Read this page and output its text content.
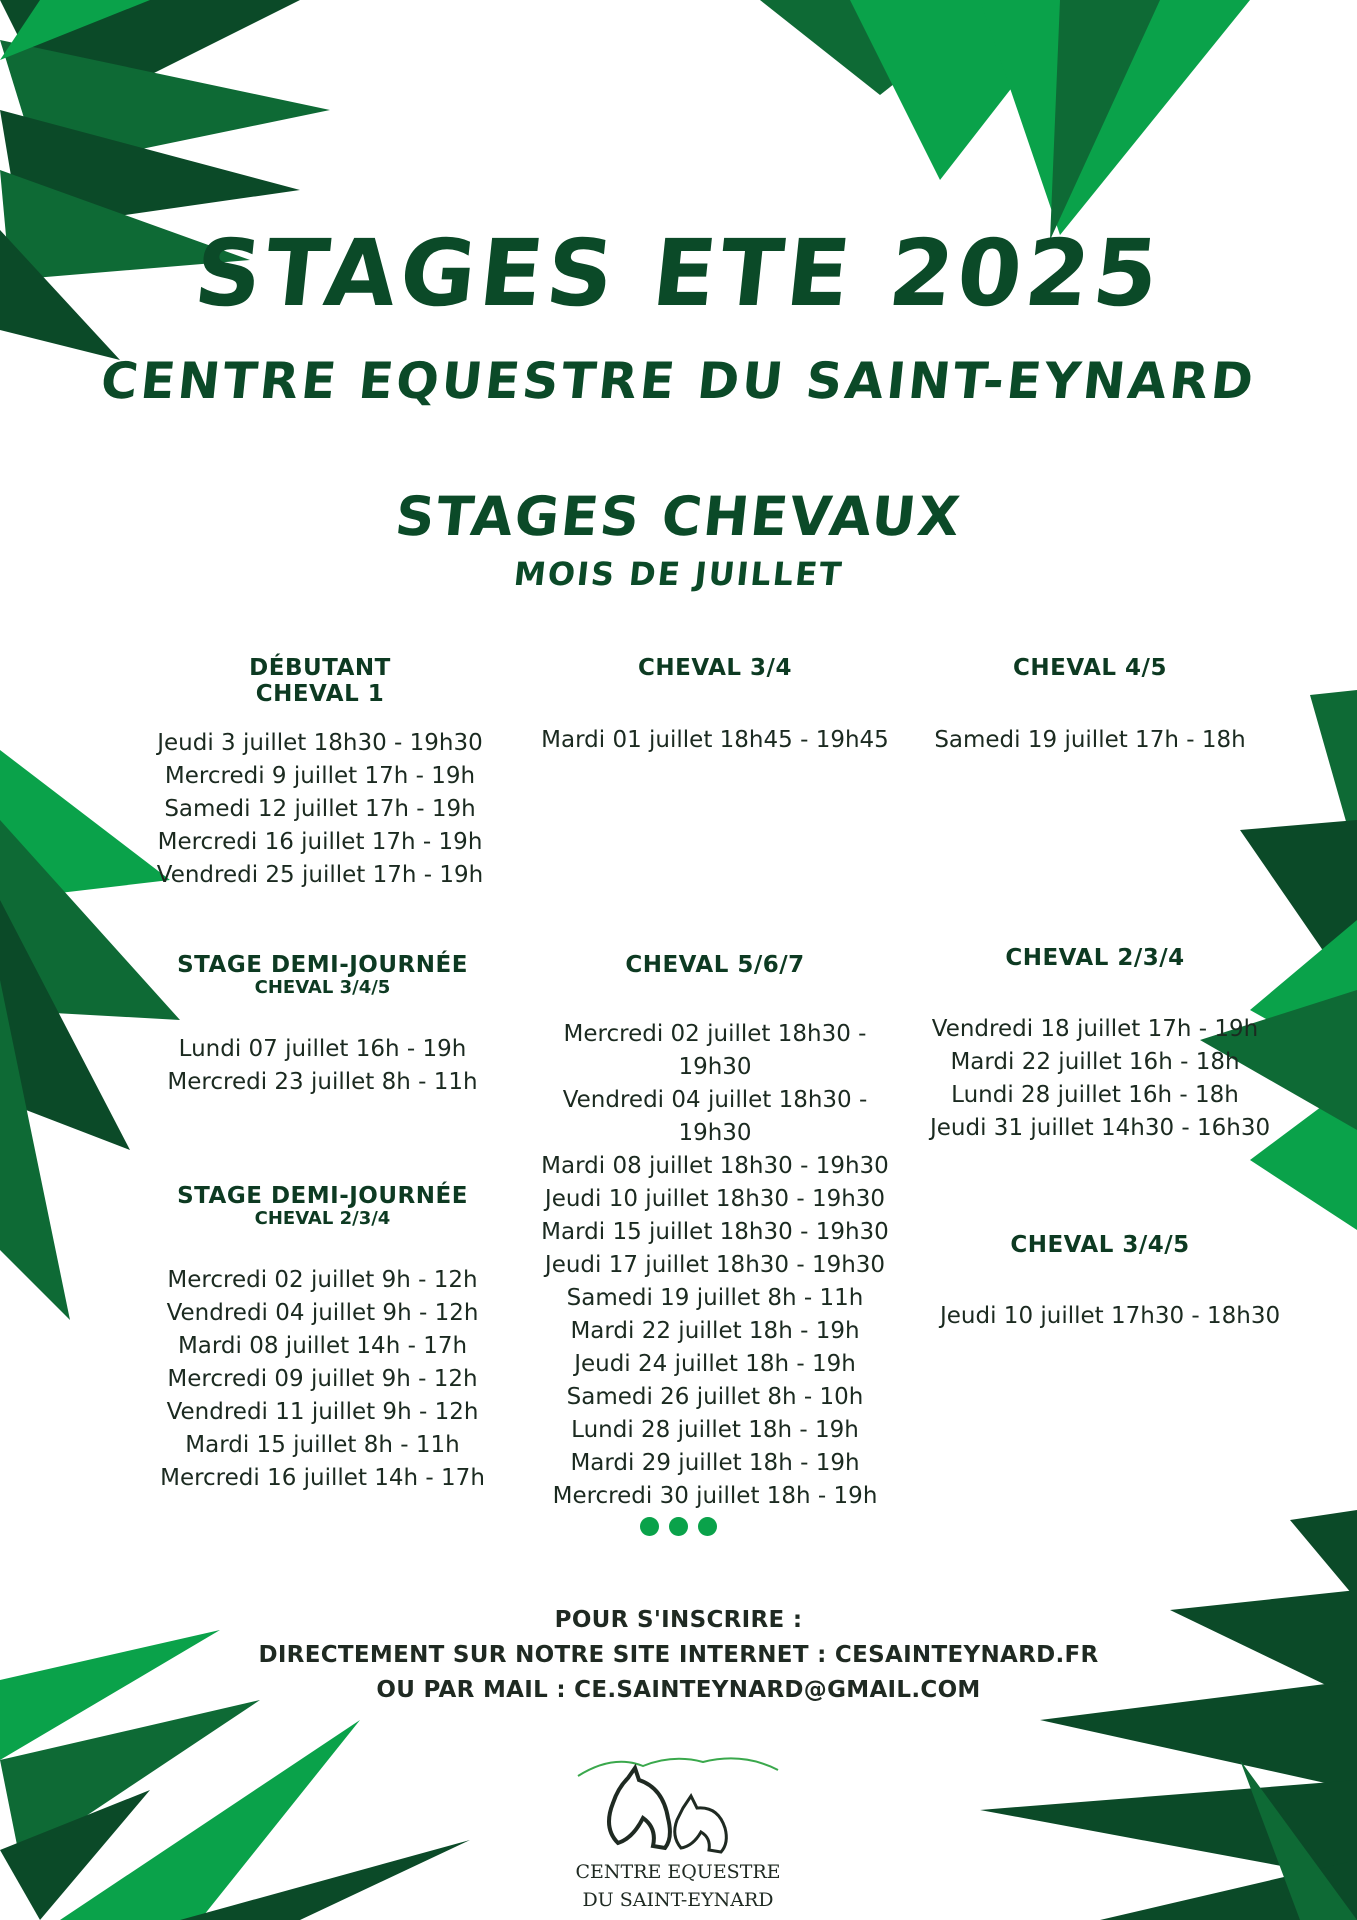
STAGES ETE 2025
CENTRE EQUESTRE DU SAINT-EYNARD
STAGES CHEVAUX
MOIS DE JUILLET
DÉBUTANT
CHEVAL 1
Jeudi 3 juillet 18h30 - 19h30
Mercredi 9 juillet 17h - 19h
Samedi 12 juillet 17h - 19h
Mercredi 16 juillet 17h - 19h
Vendredi 25 juillet 17h - 19h
CHEVAL 3/4
Mardi 01 juillet 18h45 - 19h45
CHEVAL 4/5
Samedi 19 juillet 17h - 18h
STAGE DEMI-JOURNÉE
CHEVAL 3/4/5
Lundi 07 juillet 16h - 19h
Mercredi 23 juillet 8h - 11h
CHEVAL 5/6/7
Mercredi 02 juillet 18h30 - 19h30
Vendredi 04 juillet 18h30 - 19h30
Mardi 08 juillet 18h30 - 19h30
Jeudi 10 juillet 18h30 - 19h30
Mardi 15 juillet 18h30 - 19h30
Jeudi 17 juillet 18h30 - 19h30
Samedi 19 juillet 8h - 11h
Mardi 22 juillet 18h - 19h
Jeudi 24 juillet 18h - 19h
Samedi 26 juillet 8h - 10h
Lundi 28 juillet 18h - 19h
Mardi 29 juillet 18h - 19h
Mercredi 30 juillet 18h - 19h
CHEVAL 2/3/4
Vendredi 18 juillet 17h - 19h
Mardi 22 juillet 16h - 18h
Lundi 28 juillet 16h - 18h
Jeudi 31 juillet 14h30 - 16h30
STAGE DEMI-JOURNÉE
CHEVAL 2/3/4
Mercredi 02 juillet 9h - 12h
Vendredi 04 juillet 9h - 12h
Mardi 08 juillet 14h - 17h
Mercredi 09 juillet 9h - 12h
Vendredi 11 juillet 9h - 12h
Mardi 15 juillet 8h - 11h
Mercredi 16 juillet 14h - 17h
CHEVAL 3/4/5
Jeudi 10 juillet 17h30 - 18h30
POUR S'INSCRIRE :
DIRECTEMENT SUR NOTRE SITE INTERNET : CESAINTEYNARD.FR
OU PAR MAIL : CE.SAINTEYNARD@GMAIL.COM
CENTRE EQUESTRE
DU SAINT-EYNARD
